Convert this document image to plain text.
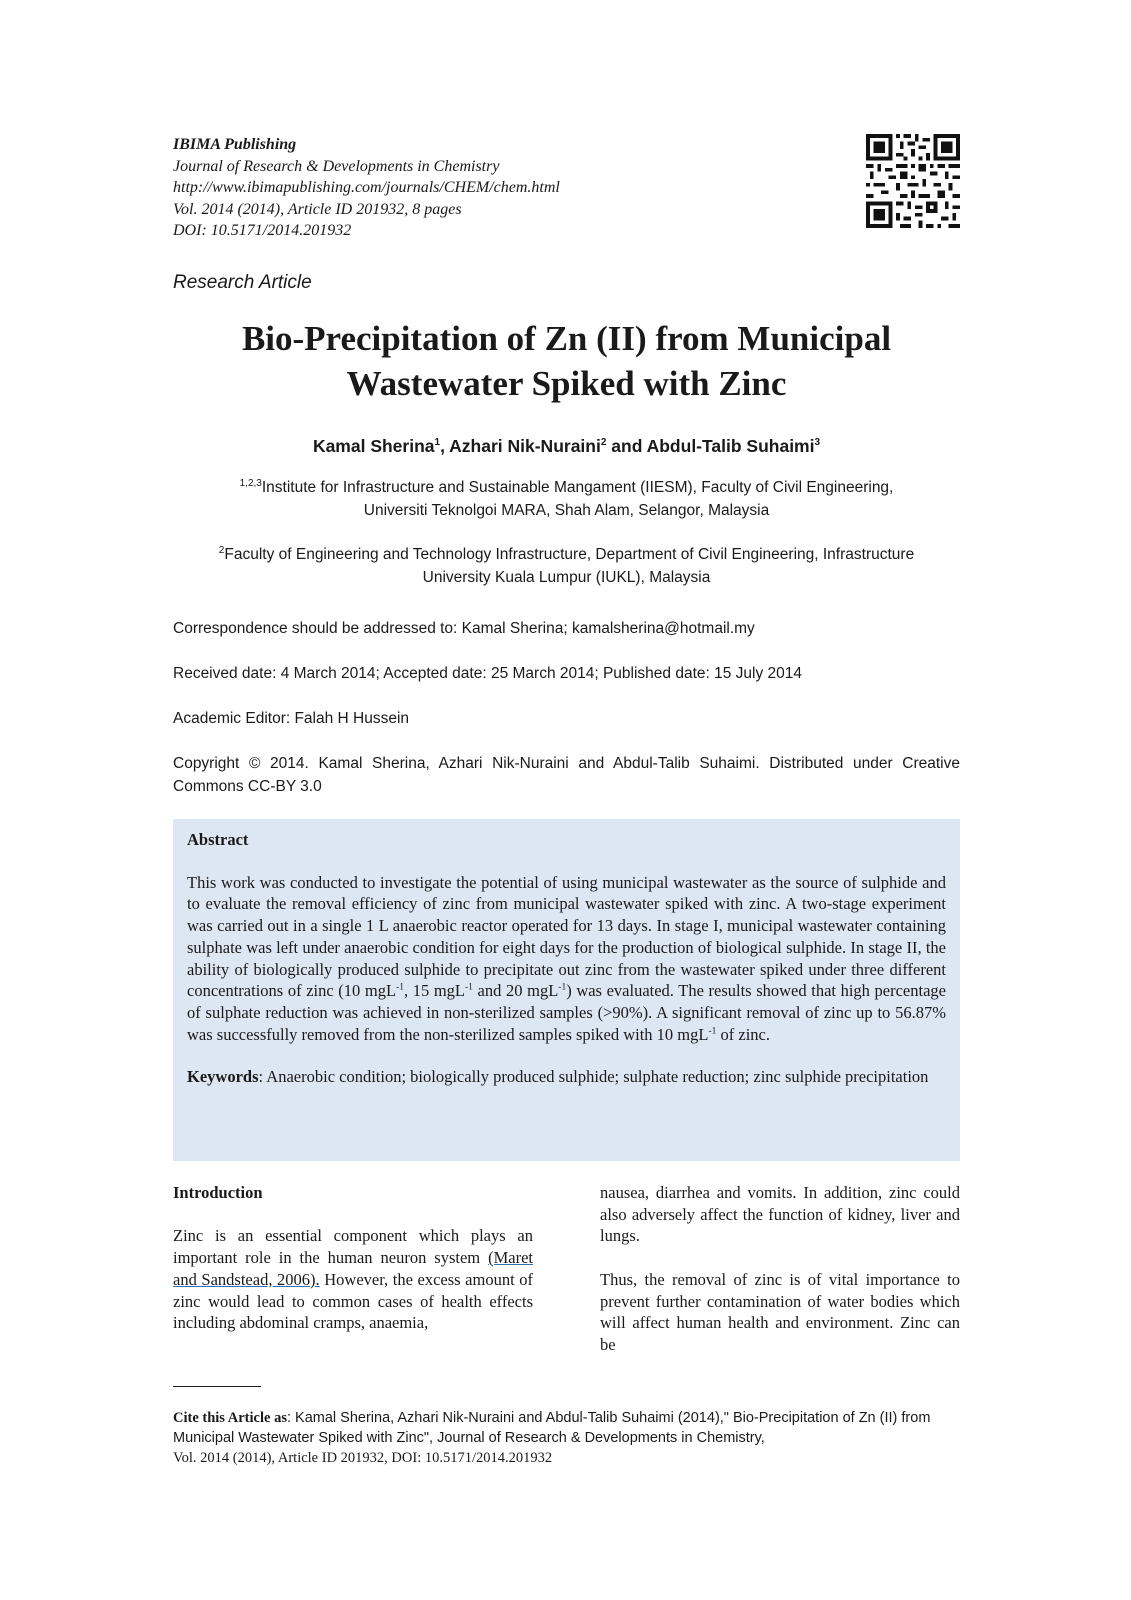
IBIMA Publishing
Journal of Research & Developments in Chemistry
http://www.ibimapublishing.com/journals/CHEM/chem.html
Vol. 2014 (2014), Article ID 201932, 8 pages
DOI: 10.5171/2014.201932
Research Article
Bio-Precipitation of Zn (II) from Municipal
Wastewater Spiked with Zinc
Kamal Sherina$^1$, Azhari Nik-Nuraini$^2$ and Abdul-Talib Suhaimi$^3$
$^{1,2,3}$Institute for Infrastructure and Sustainable Mangament (IIESM), Faculty of Civil Engineering,
Universiti Teknolgoi MARA, Shah Alam, Selangor, Malaysia
$^2$Faculty of Engineering and Technology Infrastructure, Department of Civil Engineering, Infrastructure
University Kuala Lumpur (IUKL), Malaysia
Correspondence should be addressed to: Kamal Sherina; kamalsherina@hotmail.my
Received date: 4 March 2014; Accepted date: 25 March 2014; Published date: 15 July 2014
Academic Editor: Falah H Hussein
Copyright © 2014. Kamal Sherina, Azhari Nik-Nuraini and Abdul-Talib Suhaimi. Distributed under Creative Commons CC-BY 3.0
Abstract
This work was conducted to investigate the potential of using municipal wastewater as the source of sulphide and to evaluate the removal efficiency of zinc from municipal wastewater spiked with zinc. A two-stage experiment was carried out in a single 1 L anaerobic reactor operated for 13 days. In stage I, municipal wastewater containing sulphate was left under anaerobic condition for eight days for the production of biological sulphide. In stage II, the ability of biologically produced sulphide to precipitate out zinc from the wastewater spiked under three different concentrations of zinc (10 mgL$^{-1}$, 15 mgL$^{-1}$ and 20 mgL$^{-1}$) was evaluated. The results showed that high percentage of sulphate reduction was achieved in non-sterilized samples (>90%). A significant removal of zinc up to 56.87% was successfully removed from the non-sterilized samples spiked with 10 mgL$^{-1}$ of zinc.
Keywords: Anaerobic condition; biologically produced sulphide; sulphate reduction; zinc sulphide precipitation

Introduction

Zinc is an essential component which plays an important role in the human neuron system (Maret and Sandstead, 2006). However, the excess amount of zinc would lead to common cases of health effects including abdominal cramps, anaemia,

nausea, diarrhea and vomits. In addition, zinc could also adversely affect the function of kidney, liver and lungs.

Thus, the removal of zinc is of vital importance to prevent further contamination of water bodies which will affect human health and environment. Zinc can be

Cite this Article as: Kamal Sherina, Azhari Nik-Nuraini and Abdul-Talib Suhaimi (2014)," Bio-Precipitation of Zn (II) from Municipal Wastewater Spiked with Zinc", Journal of Research & Developments in Chemistry,
Vol. 2014 (2014), Article ID 201932, DOI: 10.5171/2014.201932
